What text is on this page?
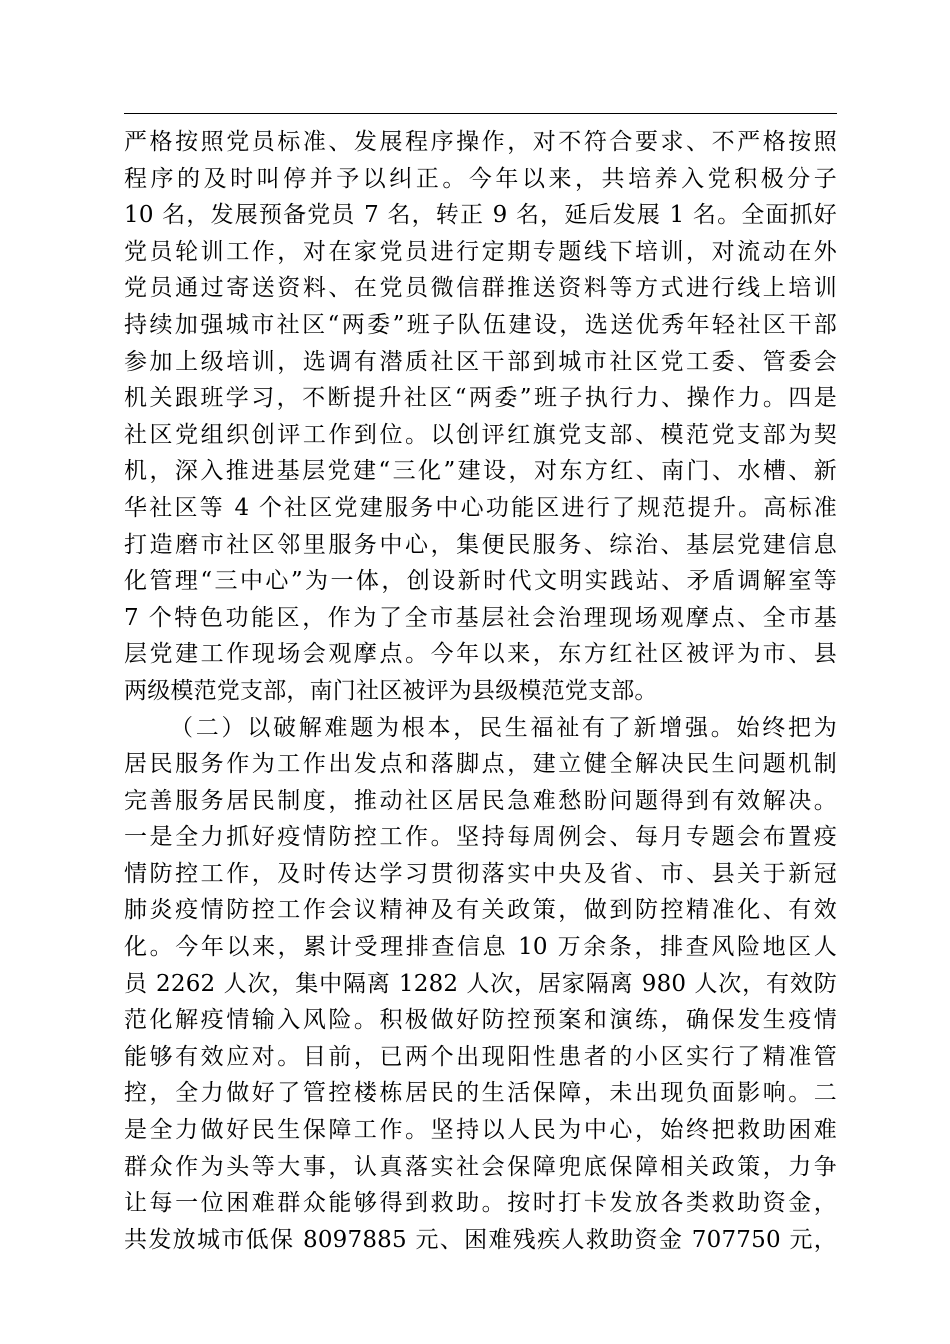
严格按照党员标准、发展程序操作，对不符合要求、不严格按照
程序的及时叫停并予以纠正。今年以来，共培养入党积极分子
10 名，发展预备党员 7 名，转正 9 名，延后发展 1 名。全面抓好
党员轮训工作，对在家党员进行定期专题线下培训，对流动在外
党员通过寄送资料、在党员微信群推送资料等方式进行线上培训
持续加强城市社区“两委”班子队伍建设，选送优秀年轻社区干部
参加上级培训，选调有潜质社区干部到城市社区党工委、管委会
机关跟班学习，不断提升社区“两委”班子执行力、操作力。四是
社区党组织创评工作到位。以创评红旗党支部、模范党支部为契
机，深入推进基层党建“三化”建设，对东方红、南门、水槽、新
华社区等 4 个社区党建服务中心功能区进行了规范提升。高标准
打造磨市社区邻里服务中心，集便民服务、综治、基层党建信息
化管理“三中心”为一体，创设新时代文明实践站、矛盾调解室等
7 个特色功能区，作为了全市基层社会治理现场观摩点、全市基
层党建工作现场会观摩点。今年以来，东方红社区被评为市、县
两级模范党支部，南门社区被评为县级模范党支部。
（二）以破解难题为根本，民生福祉有了新增强。始终把为
居民服务作为工作出发点和落脚点，建立健全解决民生问题机制
完善服务居民制度，推动社区居民急难愁盼问题得到有效解决。
一是全力抓好疫情防控工作。坚持每周例会、每月专题会布置疫
情防控工作，及时传达学习贯彻落实中央及省、市、县关于新冠
肺炎疫情防控工作会议精神及有关政策，做到防控精准化、有效
化。今年以来，累计受理排查信息 10 万余条，排查风险地区人
员 2262 人次，集中隔离 1282 人次，居家隔离 980 人次，有效防
范化解疫情输入风险。积极做好防控预案和演练，确保发生疫情
能够有效应对。目前，已两个出现阳性患者的小区实行了精准管
控，全力做好了管控楼栋居民的生活保障，未出现负面影响。二
是全力做好民生保障工作。坚持以人民为中心，始终把救助困难
群众作为头等大事，认真落实社会保障兜底保障相关政策，力争
让每一位困难群众能够得到救助。按时打卡发放各类救助资金，
共发放城市低保 8097885 元、困难残疾人救助资金 707750 元，
